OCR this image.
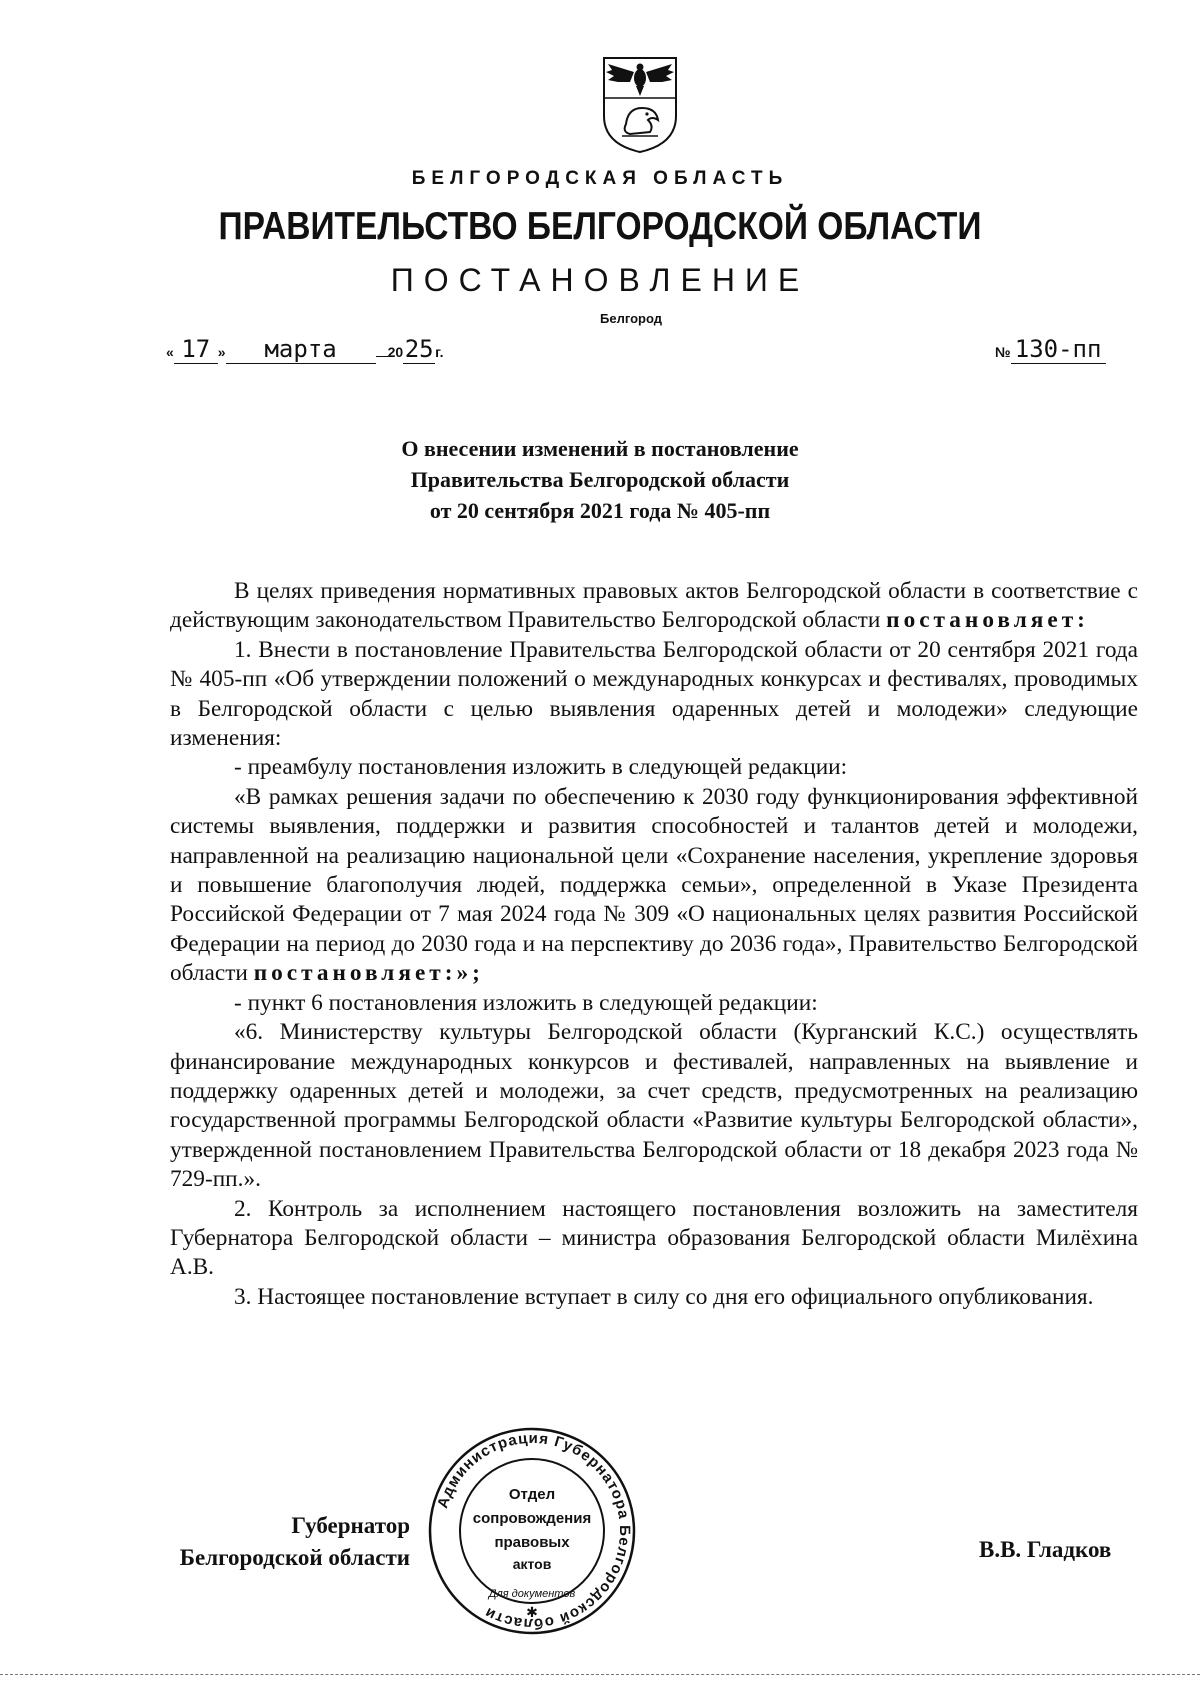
БЕЛГОРОДСКАЯ ОБЛАСТЬ
ПРАВИТЕЛЬСТВО БЕЛГОРОДСКОЙ ОБЛАСТИ
ПОСТАНОВЛЕНИЕ
Белгород
« 17 » марта	2025 г.	№ 130-пп
О внесении изменений в постановление
Правительства Белгородской области
от 20 сентября 2021 года № 405-пп

В целях приведения нормативных правовых актов Белгородской области в соответствие с действующим законодательством Правительство Белгородской области постановляет:

1. Внести в постановление Правительства Белгородской области от 20 сентября 2021 года № 405-пп «Об утверждении положений о международных конкурсах и фестивалях, проводимых в Белгородской области с целью выявления одаренных детей и молодежи» следующие изменения:

- преамбулу постановления изложить в следующей редакции:

«В рамках решения задачи по обеспечению к 2030 году функционирования эффективной системы выявления, поддержки и развития способностей и талантов детей и молодежи, направленной на реализацию национальной цели «Сохранение населения, укрепление здоровья и повышение благополучия людей, поддержка семьи», определенной в Указе Президента Российской Федерации от 7 мая 2024 года № 309 «О национальных целях развития Российской Федерации на период до 2030 года и на перспективу до 2036 года», Правительство Белгородской области постановляет:»;

- пункт 6 постановления изложить в следующей редакции:

«6. Министерству культуры Белгородской области (Курганский К.С.) осуществлять финансирование международных конкурсов и фестивалей, направленных на выявление и поддержку одаренных детей и молодежи, за счет средств, предусмотренных на реализацию государственной программы Белгородской области «Развитие культуры Белгородской области», утвержденной постановлением Правительства Белгородской области от 18 декабря 2023 года № 729-пп.».

2. Контроль за исполнением настоящего постановления возложить на заместителя Губернатора Белгородской области – министра образования Белгородской области Милёхина А.В.

3. Настоящее постановление вступает в силу со дня его официального опубликования.

Губернатор
Белгородской области	В.В. Гладков
Администрация Губернатора Белгородской области
Отдел
сопровождения
правовых
актов
Для документов
✱
